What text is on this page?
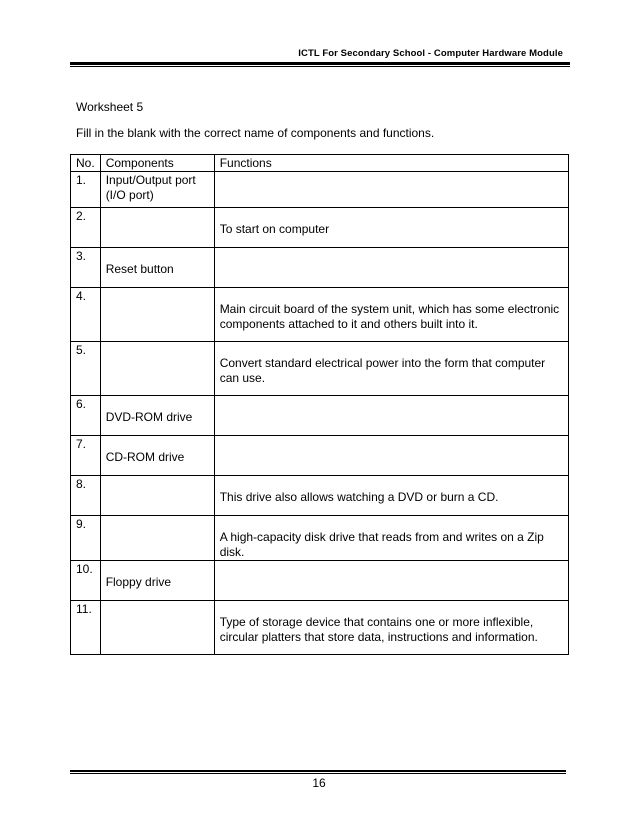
ICTL For Secondary School - Computer Hardware Module
Worksheet 5
Fill in the blank with the correct name of components and functions.
No.	Components	Functions

1.	Input/Output port (I/O port)	

2.		To start on computer

3.	Reset button	

4.		Main circuit board of the system unit, which has some electronic components attached to it and others built into it.

5.		Convert standard electrical power into the form that computer can use.

6.	DVD-ROM drive	

7.	CD-ROM drive	

8.		This drive also allows watching a DVD or burn a CD.

9.		A high-capacity disk drive that reads from and writes on a Zip disk.

10.	Floppy drive	

11.		Type of storage device that contains one or more inflexible, circular platters that store data, instructions and information.
16
